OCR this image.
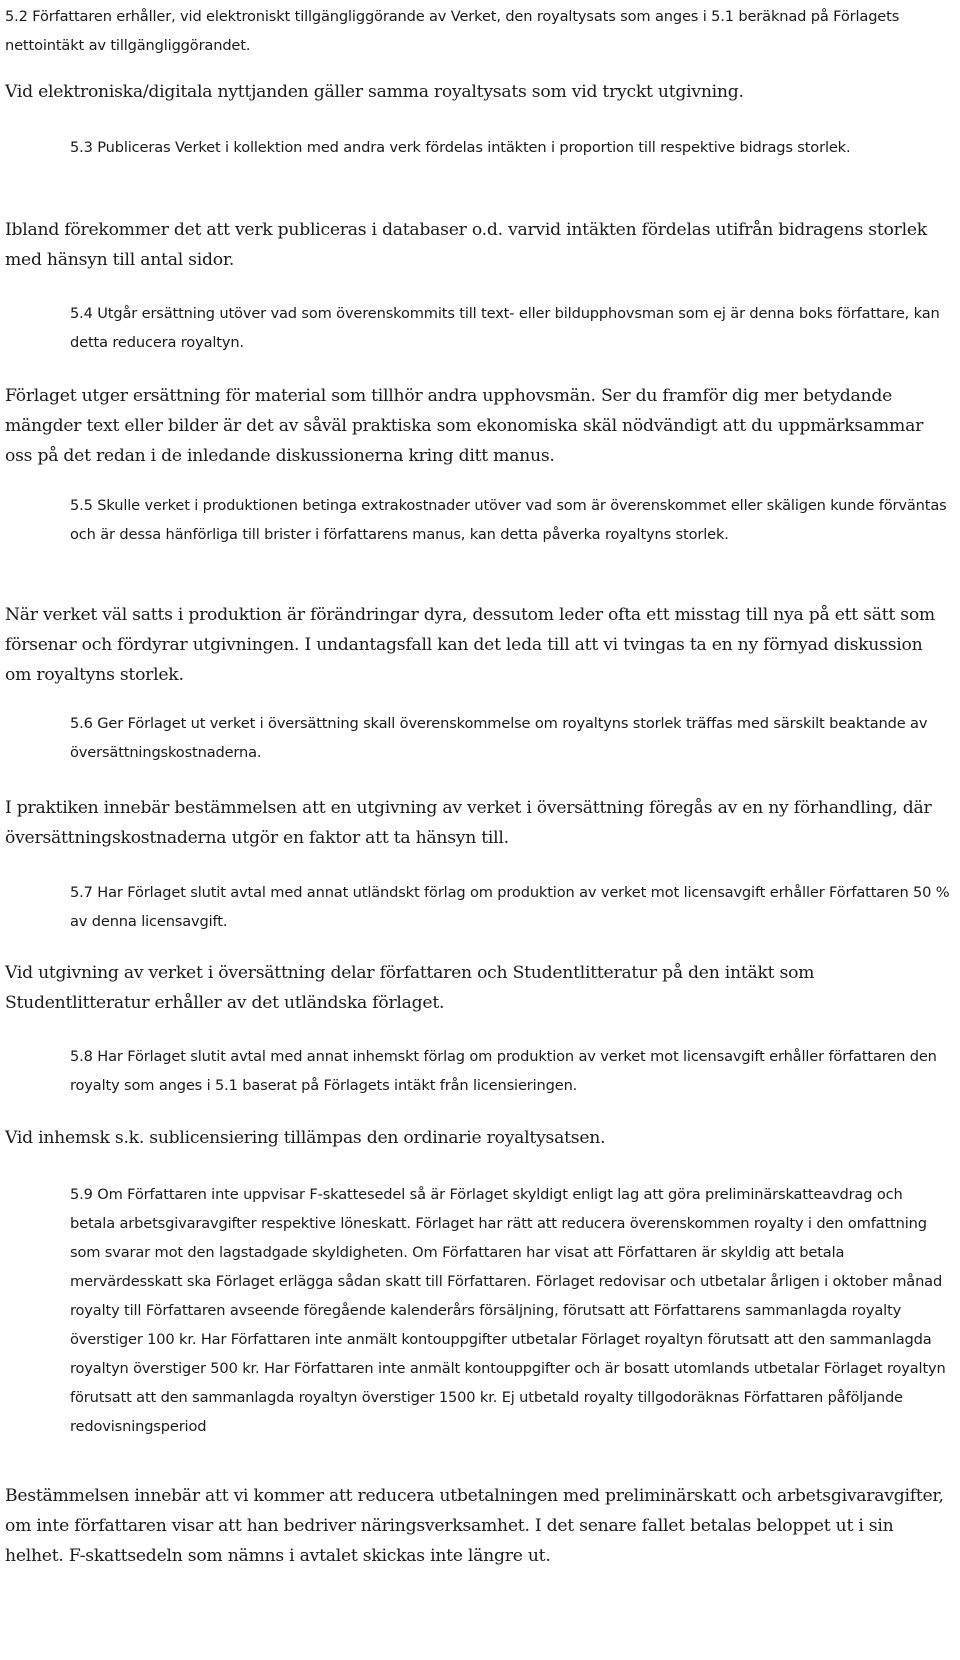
5.2 Författaren erhåller, vid elektroniskt tillgängliggörande av Verket, den royaltysats som anges i 5.1 beräknad på Förlagets nettointäkt av tillgängliggörandet.

Vid elektroniska/digitala nyttjanden gäller samma royaltysats som vid tryckt utgivning.

5.3 Publiceras Verket i kollektion med andra verk fördelas intäkten i proportion till respektive bidrags storlek.

Ibland förekommer det att verk publiceras i databaser o.d. varvid intäkten fördelas utifrån bidragens storlek med hänsyn till antal sidor.

5.4 Utgår ersättning utöver vad som överenskommits till text- eller bildupphovsman som ej är denna boks författare, kan detta reducera royaltyn.

Förlaget utger ersättning för material som tillhör andra upphovsmän. Ser du framför dig mer betydande mängder text eller bilder är det av såväl praktiska som ekonomiska skäl nödvändigt att du uppmärksammar oss på det redan i de inledande diskussionerna kring ditt manus.

5.5 Skulle verket i produktionen betinga extrakostnader utöver vad som är överenskommet eller skäligen kunde förväntas och är dessa hänförliga till brister i författarens manus, kan detta påverka royaltyns storlek.

När verket väl satts i produktion är förändringar dyra, dessutom leder ofta ett misstag till nya på ett sätt som försenar och fördyrar utgivningen. I undantagsfall kan det leda till att vi tvingas ta en ny förnyad diskussion om royaltyns storlek.

5.6 Ger Förlaget ut verket i översättning skall överenskommelse om royaltyns storlek träffas med särskilt beaktande av översättningskostnaderna.

I praktiken innebär bestämmelsen att en utgivning av verket i översättning föregås av en ny förhandling, där översättningskostnaderna utgör en faktor att ta hänsyn till.

5.7 Har Förlaget slutit avtal med annat utländskt förlag om produktion av verket mot licensavgift erhåller Författaren 50 % av denna licensavgift.

Vid utgivning av verket i översättning delar författaren och Studentlitteratur på den intäkt som Studentlitteratur erhåller av det utländska förlaget.

5.8 Har Förlaget slutit avtal med annat inhemskt förlag om produktion av verket mot licensavgift erhåller författaren den royalty som anges i 5.1 baserat på Förlagets intäkt från licensieringen.

Vid inhemsk s.k. sublicensiering tillämpas den ordinarie royaltysatsen.

5.9 Om Författaren inte uppvisar F-skattesedel så är Förlaget skyldigt enligt lag att göra preliminärskatteavdrag och betala arbetsgivaravgifter respektive löneskatt. Förlaget har rätt att reducera överenskommen royalty i den omfattning som svarar mot den lagstadgade skyldigheten. Om Författaren har visat att Författaren är skyldig att betala mervärdesskatt ska Förlaget erlägga sådan skatt till Författaren. Förlaget redovisar och utbetalar årligen i oktober månad royalty till Författaren avseende föregående kalenderårs försäljning, förutsatt att Författarens sammanlagda royalty överstiger 100 kr. Har Författaren inte anmält kontouppgifter utbetalar Förlaget royaltyn förutsatt att den sammanlagda royaltyn överstiger 500 kr. Har Författaren inte anmält kontouppgifter och är bosatt utomlands utbetalar Förlaget royaltyn förutsatt att den sammanlagda royaltyn överstiger 1500 kr. Ej utbetald royalty tillgodoräknas Författaren påföljande redovisningsperiod

Bestämmelsen innebär att vi kommer att reducera utbetalningen med preliminärskatt och arbetsgivaravgifter, om inte författaren visar att han bedriver näringsverksamhet. I det senare fallet betalas beloppet ut i sin helhet. F-skattsedeln som nämns i avtalet skickas inte längre ut.
